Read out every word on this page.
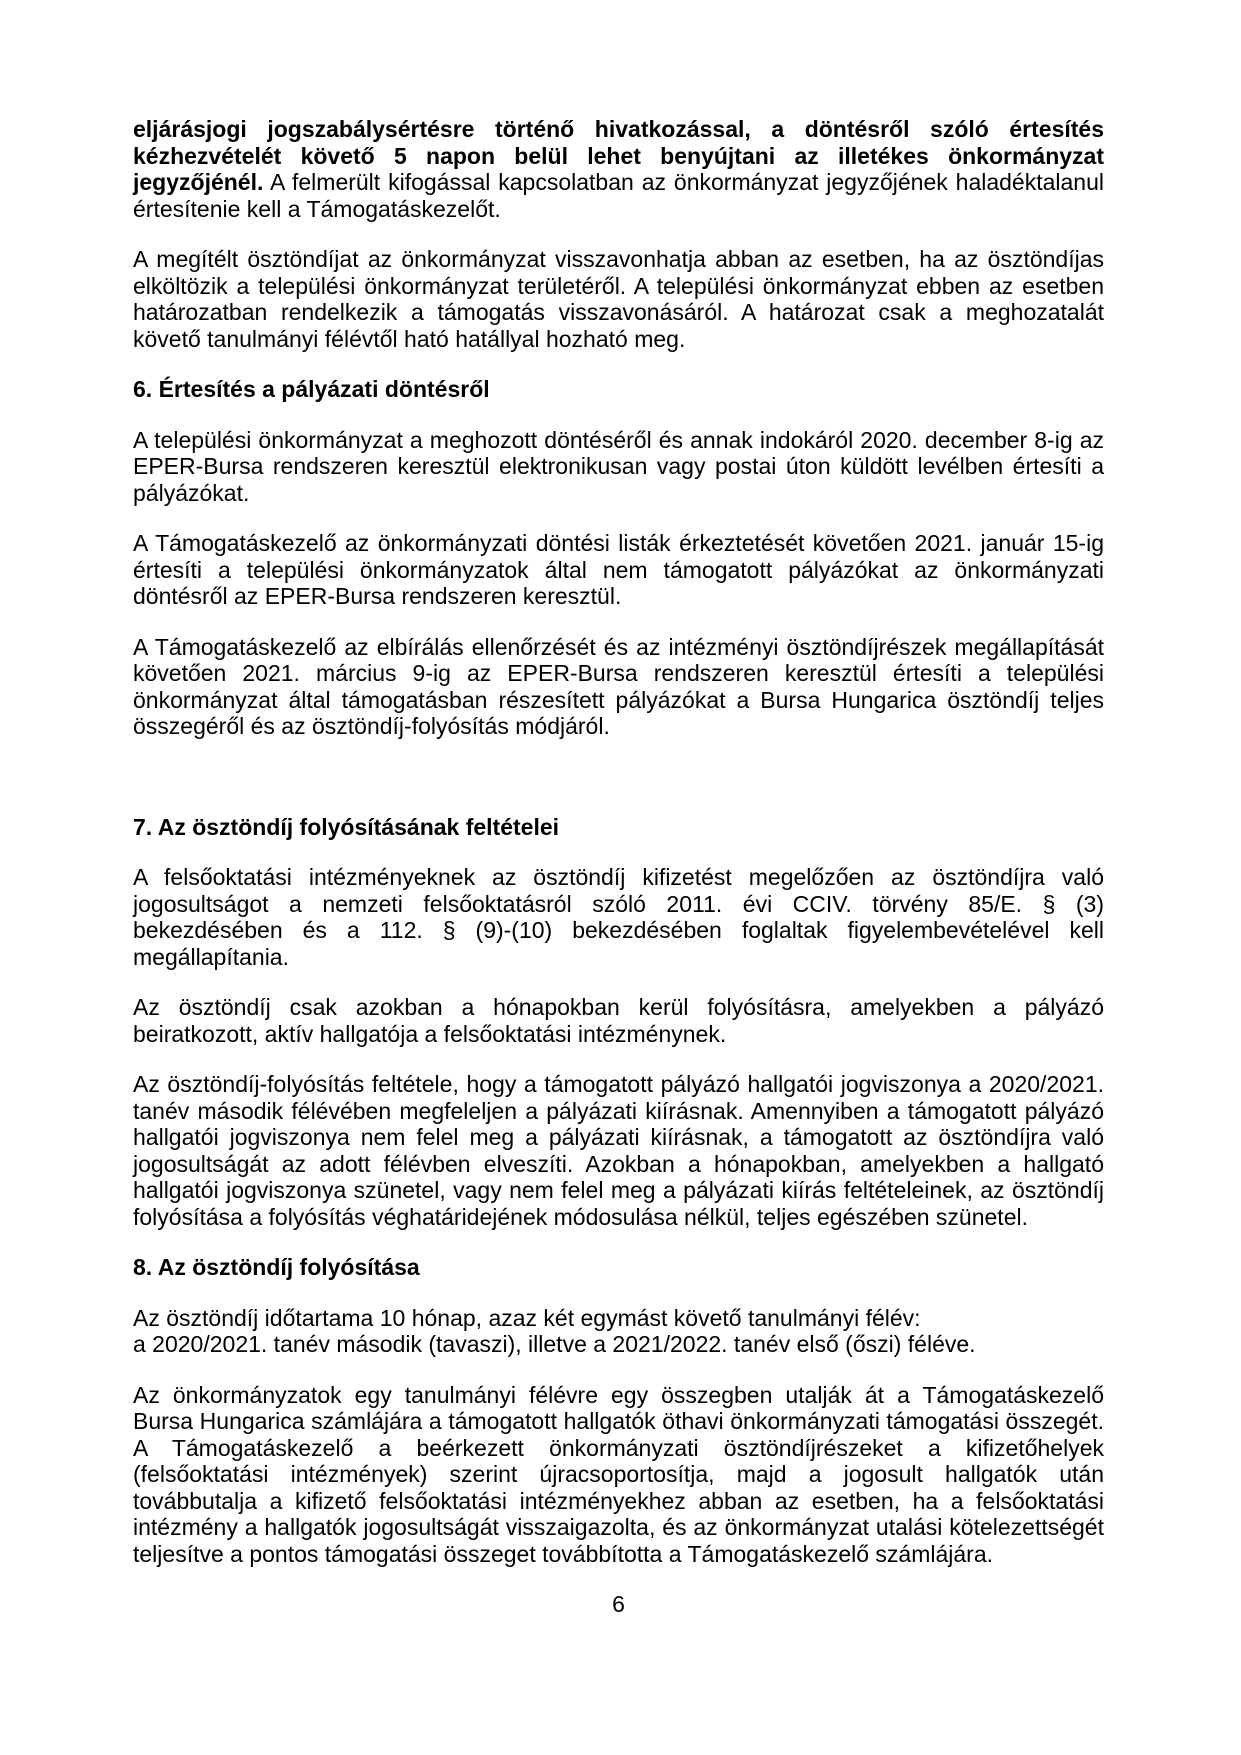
eljárásjogi jogszabálysértésre történő hivatkozással, a döntésről szóló értesítés kézhezvételét követő 5 napon belül lehet benyújtani az illetékes önkormányzat jegyzőjénél. A felmerült kifogással kapcsolatban az önkormányzat jegyzőjének haladéktalanul értesítenie kell a Támogatáskezelőt.

A megítélt ösztöndíjat az önkormányzat visszavonhatja abban az esetben, ha az ösztöndíjas elköltözik a települési önkormányzat területéről. A települési önkormányzat ebben az esetben határozatban rendelkezik a támogatás visszavonásáról. A határozat csak a meghozatalát követő tanulmányi félévtől ható hatállyal hozható meg.

6. Értesítés a pályázati döntésről

A települési önkormányzat a meghozott döntéséről és annak indokáról 2020. december 8-ig az EPER-Bursa rendszeren keresztül elektronikusan vagy postai úton küldött levélben értesíti a pályázókat.

A Támogatáskezelő az önkormányzati döntési listák érkeztetését követően 2021. január 15-ig értesíti a települési önkormányzatok által nem támogatott pályázókat az önkormányzati döntésről az EPER-Bursa rendszeren keresztül.

A Támogatáskezelő az elbírálás ellenőrzését és az intézményi ösztöndíjrészek megállapítását követően 2021. március 9-ig az EPER-Bursa rendszeren keresztül értesíti a települési önkormányzat által támogatásban részesített pályázókat a Bursa Hungarica ösztöndíj teljes összegéről és az ösztöndíj-folyósítás módjáról.

7. Az ösztöndíj folyósításának feltételei

A felsőoktatási intézményeknek az ösztöndíj kifizetést megelőzően az ösztöndíjra való jogosultságot a nemzeti felsőoktatásról szóló 2011. évi CCIV. törvény 85/E. § (3) bekezdésében és a 112. § (9)-(10) bekezdésében foglaltak figyelembevételével kell megállapítania.

Az ösztöndíj csak azokban a hónapokban kerül folyósításra, amelyekben a pályázó beiratkozott, aktív hallgatója a felsőoktatási intézménynek.

Az ösztöndíj-folyósítás feltétele, hogy a támogatott pályázó hallgatói jogviszonya a 2020/2021. tanév második félévében megfeleljen a pályázati kiírásnak. Amennyiben a támogatott pályázó hallgatói jogviszonya nem felel meg a pályázati kiírásnak, a támogatott az ösztöndíjra való jogosultságát az adott félévben elveszíti. Azokban a hónapokban, amelyekben a hallgató hallgatói jogviszonya szünetel, vagy nem felel meg a pályázati kiírás feltételeinek, az ösztöndíj folyósítása a folyósítás véghatáridejének módosulása nélkül, teljes egészében szünetel.

8. Az ösztöndíj folyósítása

Az ösztöndíj időtartama 10 hónap, azaz két egymást követő tanulmányi félév:
a 2020/2021. tanév második (tavaszi), illetve a 2021/2022. tanév első (őszi) féléve.

Az önkormányzatok egy tanulmányi félévre egy összegben utalják át a Támogatáskezelő Bursa Hungarica számlájára a támogatott hallgatók öthavi önkormányzati támogatási összegét. A Támogatáskezelő a beérkezett önkormányzati ösztöndíjrészeket a kifizetőhelyek (felsőoktatási intézmények) szerint újracsoportosítja, majd a jogosult hallgatók után továbbutalja a kifizető felsőoktatási intézményekhez abban az esetben, ha a felsőoktatási intézmény a hallgatók jogosultságát visszaigazolta, és az önkormányzat utalási kötelezettségét teljesítve a pontos támogatási összeget továbbította a Támogatáskezelő számlájára.

6
